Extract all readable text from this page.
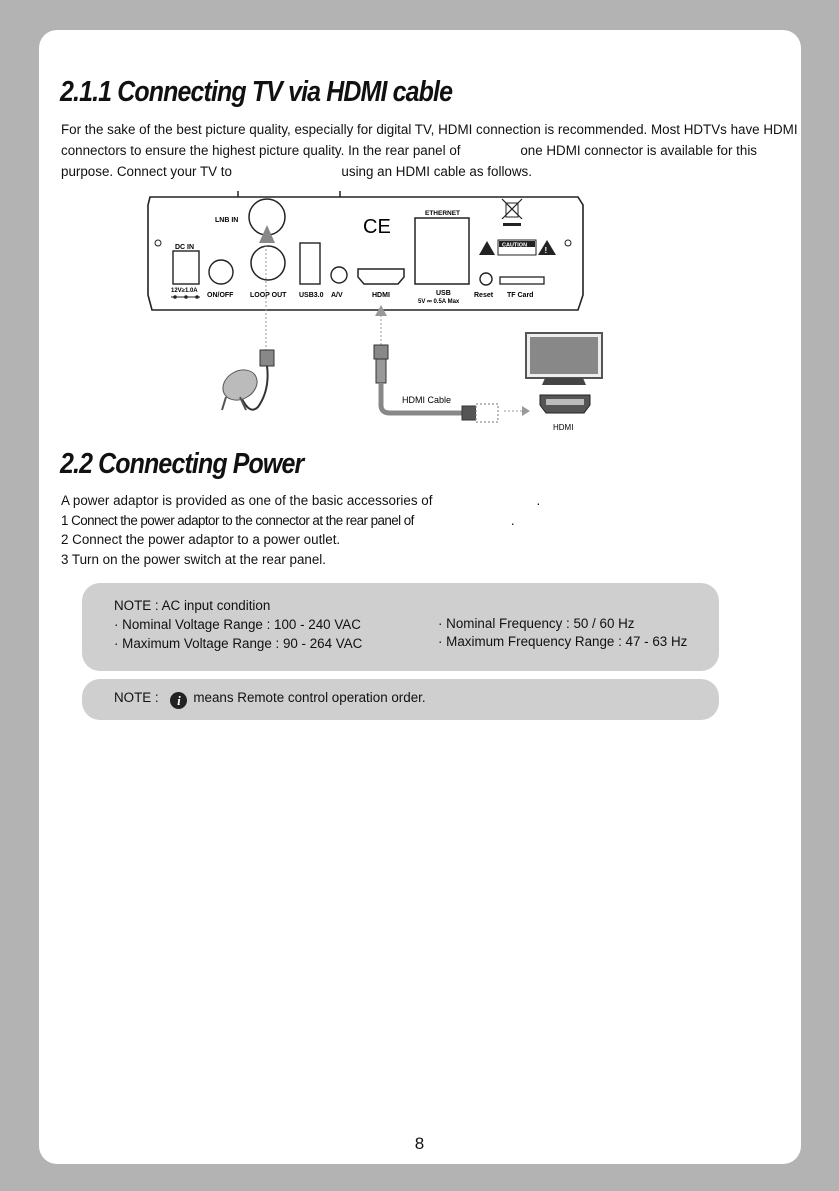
2.1.1 Connecting TV via HDMI cable
For the sake of the best picture quality, especially for digital TV, HDMI connection is recommended. Most HDTVs have HDMI
connectors to ensure the highest picture quality. In the rear panel of	one HDMI connector is available for this
purpose. Connect your TV to	using an HDMI cable as follows.
LNB IN
LOOP OUT
DC IN
12V≥1.0A
ON/OFF	USB3.0 A/V
CE
HDMI
ETHERNET
USB
5V ⎓ 0.5A Max
CAUTION
!
Reset TF Card
HDMI Cable
HDMI
2.2 Connecting Power
A power adaptor is provided as one of the basic accessories of	.
1 Connect the power adaptor to the connector at the rear panel of	.
2 Connect the power adaptor to a power outlet.
3 Turn on the power switch at the rear panel.
NOTE : AC input condition
· Nominal Voltage Range : 100 - 240 VAC
· Maximum Voltage Range : 90 - 264 VAC
· Nominal Frequency : 50 / 60 Hz
· Maximum Frequency Range : 47 - 63 Hz
NOTE : i means Remote control operation order.
8
